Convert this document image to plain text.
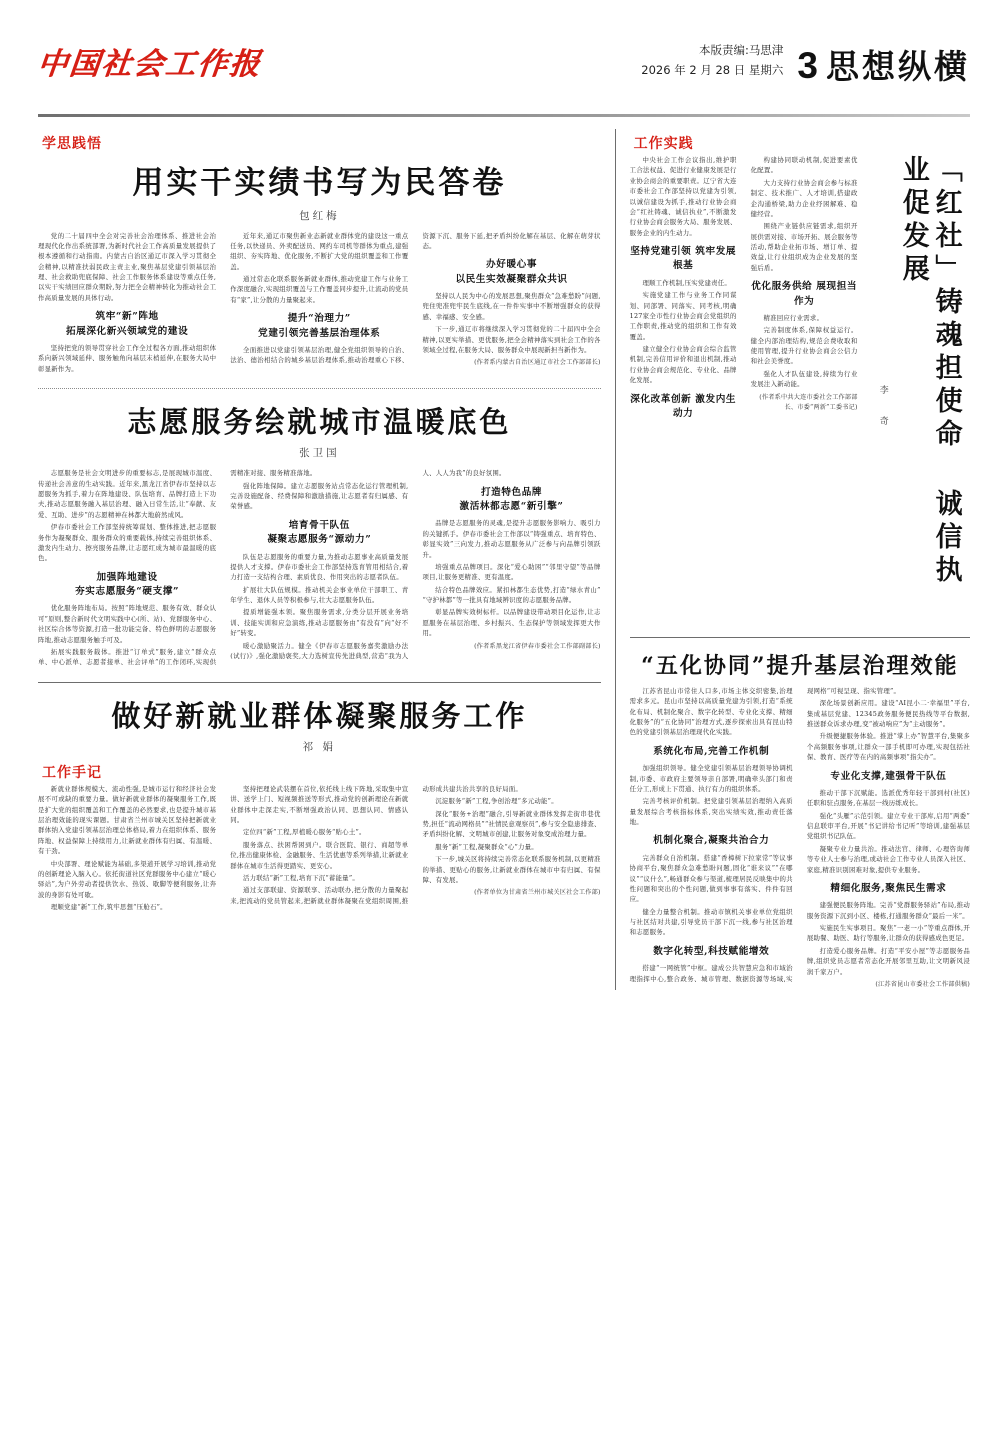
中国社会工作报	本版责编:马思津
2026 年 2 月 28 日 星期六 3 思想纵横
学思践悟
用实干实绩书写为民答卷
包红梅

党的二十届四中全会对完善社会治理体系、推进社会治理现代化作出系统部署,为新时代社会工作高质量发展提供了根本遵循和行动指南。内蒙古自治区通辽市深入学习贯彻全会精神,以精准扶弱民政主责主业,聚焦基层党建引领基层治理、社会救助兜底保障、社会工作服务体系建设等重点任务,以实干实绩回应群众期盼,努力把全会精神转化为推动社会工作高质量发展的具体行动。

筑牢“新”阵地
拓展深化新兴领域党的建设

坚持把党的领导贯穿社会工作全过程各方面,推动组织体系向新兴领域延伸、服务触角向基层末梢延伸,在服务大局中彰显新作为。

近年来,通辽市聚焦新业态新就业群体党的建设这一重点任务,以快递员、外卖配送员、网约车司机等群体为重点,建强组织、夯实阵地、优化服务,不断扩大党的组织覆盖和工作覆盖。

通过常态化联系服务新就业群体,推动党建工作与业务工作深度融合,实现组织覆盖与工作覆盖同步提升,让流动的党员有“家”,让分散的力量聚起来。

提升“治理力”
党建引领完善基层治理体系

全面推进以党建引领基层治理,健全党组织领导的自治、法治、德治相结合的城乡基层治理体系,推动治理重心下移、资源下沉、服务下延,把矛盾纠纷化解在基层、化解在萌芽状态。

办好暖心事
以民生实效凝聚群众共识

坚持以人民为中心的发展思想,聚焦群众“急难愁盼”问题,兜住兜准兜牢民生底线,在一件件实事中不断增强群众的获得感、幸福感、安全感。

下一步,通辽市将继续深入学习贯彻党的二十届四中全会精神,以更实举措、更优服务,把全会精神落实到社会工作的各领域全过程,在服务大局、服务群众中展现新担当新作为。

(作者系内蒙古自治区通辽市社会工作部部长)
志愿服务绘就城市温暖底色
张卫国

志愿服务是社会文明进步的重要标志,是展现城市温度、传递社会善意的生动实践。近年来,黑龙江省伊春市坚持以志愿服务为抓手,着力在阵地建设、队伍培育、品牌打造上下功夫,推动志愿服务融入基层治理、融入日常生活,让“奉献、友爱、互助、进步”的志愿精神在林都大地蔚然成风。

伊春市委社会工作部坚持统筹谋划、整体推进,把志愿服务作为凝聚群众、服务群众的重要载体,持续完善组织体系、激发内生动力、擦亮服务品牌,让志愿红成为城市最温暖的底色。

加强阵地建设
夯实志愿服务“硬支撑”

优化服务阵地布局。按照“阵地规范、服务有效、群众认可”原则,整合新时代文明实践中心(所、站)、党群服务中心、社区综合体等资源,打造一批功能完备、特色鲜明的志愿服务阵地,推动志愿服务触手可及。

拓展实践服务载体。推进“订单式”服务,建立“群众点单、中心派单、志愿者接单、社会评单”的工作闭环,实现供需精准对接、服务精准落地。

强化阵地保障。建立志愿服务站点常态化运行管理机制,完善设施配备、经费保障和激励措施,让志愿者有归属感、有荣誉感。

培育骨干队伍
凝聚志愿服务“源动力”

队伍是志愿服务的重要力量,为推动志愿事业高质量发展提供人才支撑。伊春市委社会工作部坚持选育管用相结合,着力打造一支结构合理、素质优良、作用突出的志愿者队伍。

扩展壮大队伍规模。推动机关企事业单位干部职工、青年学生、退休人员等积极参与,壮大志愿服务队伍。

提质增能强本领。聚焦服务需求,分类分层开展业务培训、技能实训和应急演练,推动志愿服务由“有没有”向“好不好”转变。

暖心激励聚活力。健全《伊春市志愿服务嘉奖激励办法(试行)》,强化激励褒奖,大力选树宣传先进典型,营造“我为人人、人人为我”的良好氛围。

打造特色品牌
激活林都志愿“新引擎”

品牌是志愿服务的灵魂,是提升志愿服务影响力、吸引力的关键抓手。伊春市委社会工作部以“铸强重点、培育特色、彰显实效”三向发力,推动志愿服务从广泛参与向品牌引领跃升。

培强重点品牌项目。深化“爱心助困”“邻里守望”等品牌项目,让服务更精准、更有温度。

结合特色品牌效应。紧扣林都生态优势,打造“绿水青山”“守护林都”等一批具有地域辨识度的志愿服务品牌。

彰显品牌实效树标杆。以品牌建设带动项目化运作,让志愿服务在基层治理、乡村振兴、生态保护等领域发挥更大作用。

(作者系黑龙江省伊春市委社会工作部副部长)
做好新就业群体凝聚服务工作
祁 娟
工作手记

新就业群体规模大、流动性强,是城市运行和经济社会发展不可或缺的重要力量。做好新就业群体的凝聚服务工作,既是扩大党的组织覆盖和工作覆盖的必然要求,也是提升城市基层治理效能的现实课题。甘肃省兰州市城关区坚持把新就业群体纳入党建引领基层治理总体格局,着力在组织体系、服务阵地、权益保障上持续用力,让新就业群体有归属、有温暖、有干劲。

中央部署、理论赋能为基础,多渠道开展学习培训,推动党的创新理论入脑入心。依托街道社区党群服务中心建立“暖心驿站”,为户外劳动者提供饮水、热饭、歇脚等便利服务,让奔波的身影有处可歇。

理顺党建“新”工作,筑牢思想“压舱石”。

坚持把理论武装摆在首位,依托线上线下阵地,采取集中宣讲、送学上门、短视频推送等形式,推动党的创新理论在新就业群体中走深走实,不断增强政治认同、思想认同、情感认同。

定位四“新”工程,厚植暖心服务“贴心土”。

服务落点、扶困帮困到户。联合医院、银行、商超等单位,推出健康体检、金融服务、生活优惠等系列举措,让新就业群体在城市生活得更踏实、更安心。

活力联结“新”工程,培育下沉“蓄能量”。

通过支部联建、资源联享、活动联办,把分散的力量聚起来,把流动的党员管起来,把新就业群体凝聚在党组织周围,推动形成共建共治共享的良好局面。

沉淀服务“新”工程,争创治理“多元动能”。

深化“服务+治理”融合,引导新就业群体发挥走街串巷优势,担任“流动网格员”“社情民意观察员”,参与安全隐患排查、矛盾纠纷化解、文明城市创建,让服务对象变成治理力量。

服务“新”工程,凝聚群众“心”力量。

下一步,城关区将持续完善常态化联系服务机制,以更精准的举措、更贴心的服务,让新就业群体在城市中有归属、有保障、有发展。

(作者单位为甘肃省兰州市城关区社会工作部)
工作实践

中央社会工作会议指出,维护职工合法权益、促进行业健康发展是行业协会商会的重要职责。辽宁省大连市委社会工作部坚持以党建为引领,以诚信建设为抓手,推动行业协会商会“红社铸魂、诚信执业”,不断激发行业协会商会服务大局、服务发展、服务企业的内生动力。

坚持党建引领 筑牢发展根基

理顺工作机制,压实党建责任。

实施党建工作与业务工作同谋划、同部署、同落实、同考核,明确127家全市性行业协会商会党组织的工作职责,推动党的组织和工作有效覆盖。

建立健全行业协会商会综合监管机制,完善信用评价和退出机制,推动行业协会商会规范化、专业化、品牌化发展。

深化改革创新 激发内生动力

构建协同联动机制,促进要素优化配置。

大力支持行业协会商会参与标准制定、技术推广、人才培训,搭建政企沟通桥梁,助力企业纾困解难、稳健经营。

围绕产业链供应链需求,组织开展供需对接、市场开拓、展会服务等活动,帮助企业拓市场、增订单、提效益,让行业组织成为企业发展的坚强后盾。

优化服务供给 展现担当作为

精准回应行业需求。

完善制度体系,保障权益运行。健全内部治理结构,规范会费收取和使用管理,提升行业协会商会公信力和社会美誉度。

强化人才队伍建设,持续为行业发展注入新动能。

(作者系中共大连市委社会工作部部长、市委“两新”工委书记)	「红社」铸魂担使命 诚信执业促发展
李 奇
“五化协同”提升基层治理效能

江苏省昆山市常住人口多,市场主体交织密集,治理需求多元。昆山市坚持以高质量党建为引领,打造“系统化布局、机制化聚合、数字化转型、专业化支撑、精细化服务”的“五化协同”治理方式,逐步探索出具有昆山特色的党建引领基层治理现代化实践。

系统化布局,完善工作机制

加强组织领导。健全党建引领基层治理领导协调机制,市委、市政府主要领导亲自部署,明确牵头部门和责任分工,形成上下贯通、执行有力的组织体系。

完善考核评价机制。把党建引领基层治理纳入高质量发展综合考核指标体系,突出实绩实效,推动责任落地。

机制化聚合,凝聚共治合力

完善群众自治机制。搭建“香樟树下拉家常”等议事协商平台,聚焦群众急难愁盼问题,固化“谁来议”“在哪议”“议什么”,畅通群众参与渠道,梳理居民反映集中的共性问题和突出的个性问题,做到事事有落实、件件有回应。

健全力量整合机制。推动市镇机关事业单位党组织与社区结对共建,引导党员干部下沉一线,参与社区治理和志愿服务。

数字化转型,科技赋能增效

搭建“一网统管”中枢。建成公共智慧应急和市域治理指挥中心,整合政务、城市管理、数据资源等场域,实现网格“可视呈现、指实管理”。

深化场景创新应用。建设“AI昆小二·幸福里”平台,集成基层党建、12345政务服务便民热线等平台数据,推送群众诉求办理,变“被动响应”为“主动服务”。

升级便捷服务体验。推进“掌上办”智慧平台,集聚多个高频服务事项,让群众一部手机即可办理,实现包括社保、教育、医疗等在内的高频事项“指尖办”。

专业化支撑,建强骨干队伍

推动干部下沉赋能。选派优秀年轻干部到村(社区)任职和驻点服务,在基层一线历练成长。

强化“头雁”示范引领。建立专业干部库,启用“两委”信息联审平台,开展“书记讲给书记听”等培训,建强基层党组织书记队伍。

凝聚专业力量共治。推动法官、律师、心理咨询师等专业人士参与治理,或动社会工作专业人员深入社区、家庭,精准识别困难对象,提供专业服务。

精细化服务,聚焦民生需求

建强便民服务阵地。完善“党群服务驿站”布局,推动服务资源下沉到小区、楼栋,打通服务群众“最后一米”。

实施民生实事项目。聚焦“一老一小”等重点群体,开展助餐、助医、助行等服务,让群众的获得感成色更足。

打造爱心服务品牌。打造“平安小屋”等志愿服务品牌,组织党员志愿者常态化开展邻里互助,让文明新风浸润千家万户。

(江苏省昆山市委社会工作部供稿)
